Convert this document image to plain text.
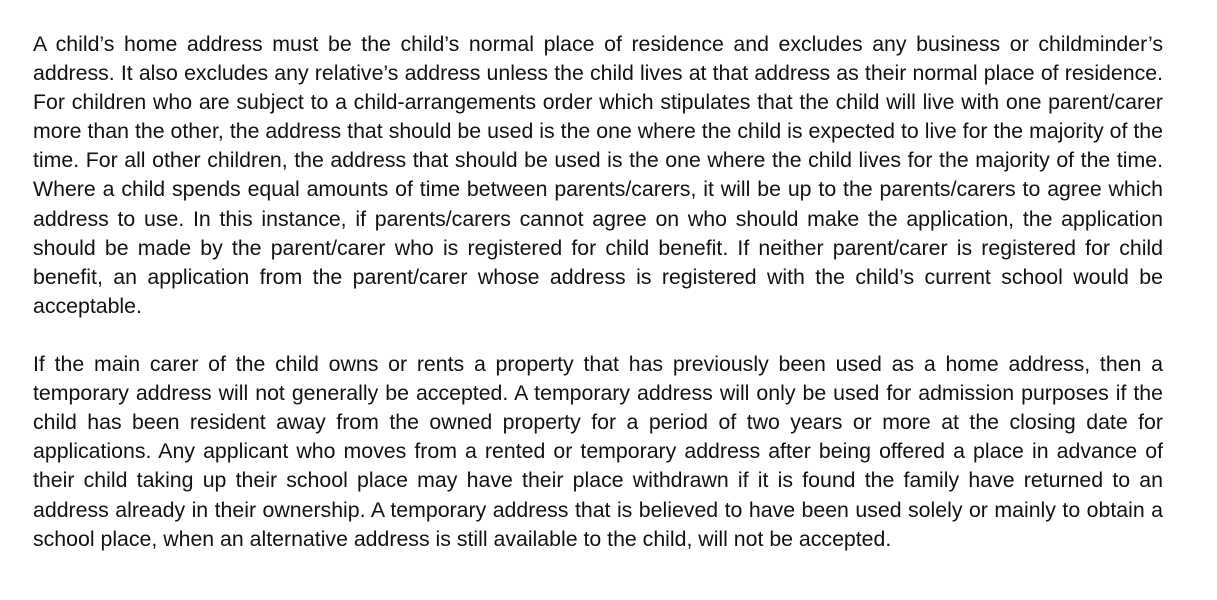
A child’s home address must be the child’s normal place of residence and excludes any business or childminder’s address. It also excludes any relative’s address unless the child lives at that address as their normal place of residence. For children who are subject to a child-arrangements order which stipulates that the child will live with one parent/carer more than the other, the address that should be used is the one where the child is expected to live for the majority of the time. For all other children, the address that should be used is the one where the child lives for the majority of the time. Where a child spends equal amounts of time between parents/carers, it will be up to the parents/carers to agree which address to use. In this instance, if parents/carers cannot agree on who should make the application, the application should be made by the parent/carer who is registered for child benefit. If neither parent/carer is registered for child benefit, an application from the parent/carer whose address is registered with the child’s current school would be acceptable.

If the main carer of the child owns or rents a property that has previously been used as a home address, then a temporary address will not generally be accepted. A temporary address will only be used for admission purposes if the child has been resident away from the owned property for a period of two years or more at the closing date for applications. Any applicant who moves from a rented or temporary address after being offered a place in advance of their child taking up their school place may have their place withdrawn if it is found the family have returned to an address already in their ownership. A temporary address that is believed to have been used solely or mainly to obtain a school place, when an alternative address is still available to the child, will not be accepted.
